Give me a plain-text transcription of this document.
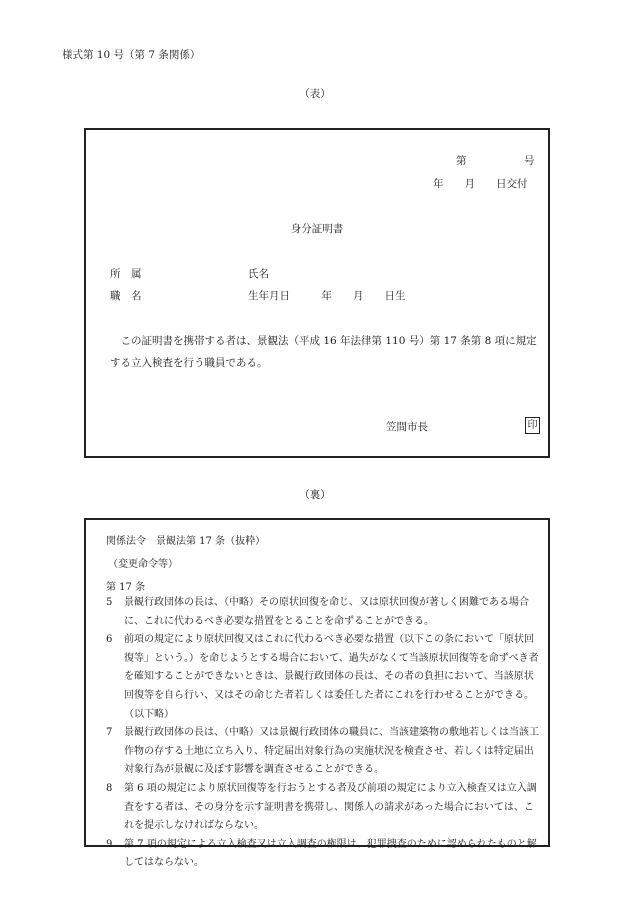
様式第 10 号（第 7 条関係）
（表）
第	号
年　　月　　日交付
身分証明書
所　属	氏名
職　名	生年月日　　　年　　月　　日生
この証明書を携帯する者は、景観法（平成 16 年法律第 110 号）第 17 条第 8 項に規定する立入検査を行う職員である。
笠間市長	印
（裏）
関係法令　景観法第 17 条（抜粋）
（変更命令等）
第 17 条
5	景観行政団体の長は、（中略）その原状回復を命じ、又は原状回復が著しく困難である場合に、これに代わるべき必要な措置をとることを命ずることができる。
6	前項の規定により原状回復又はこれに代わるべき必要な措置（以下この条において「原状回復等」という。）を命じようとする場合において、過失がなくて当該原状回復等を命ずべき者を確知することができないときは、景観行政団体の長は、その者の負担において、当該原状回復等を自ら行い、又はその命じた者若しくは委任した者にこれを行わせることができる。（以下略）
7	景観行政団体の長は、（中略）又は景観行政団体の職員に、当該建築物の敷地若しくは当該工作物の存する土地に立ち入り、特定届出対象行為の実施状況を検査させ、若しくは特定届出対象行為が景観に及ぼす影響を調査させることができる。
8	第 6 項の規定により原状回復等を行おうとする者及び前項の規定により立入検査又は立入調査をする者は、その身分を示す証明書を携帯し、関係人の請求があった場合においては、これを提示しなければならない。
9	第 7 項の規定による立入検査又は立入調査の権限は、犯罪捜査のために認められたものと解してはならない。
